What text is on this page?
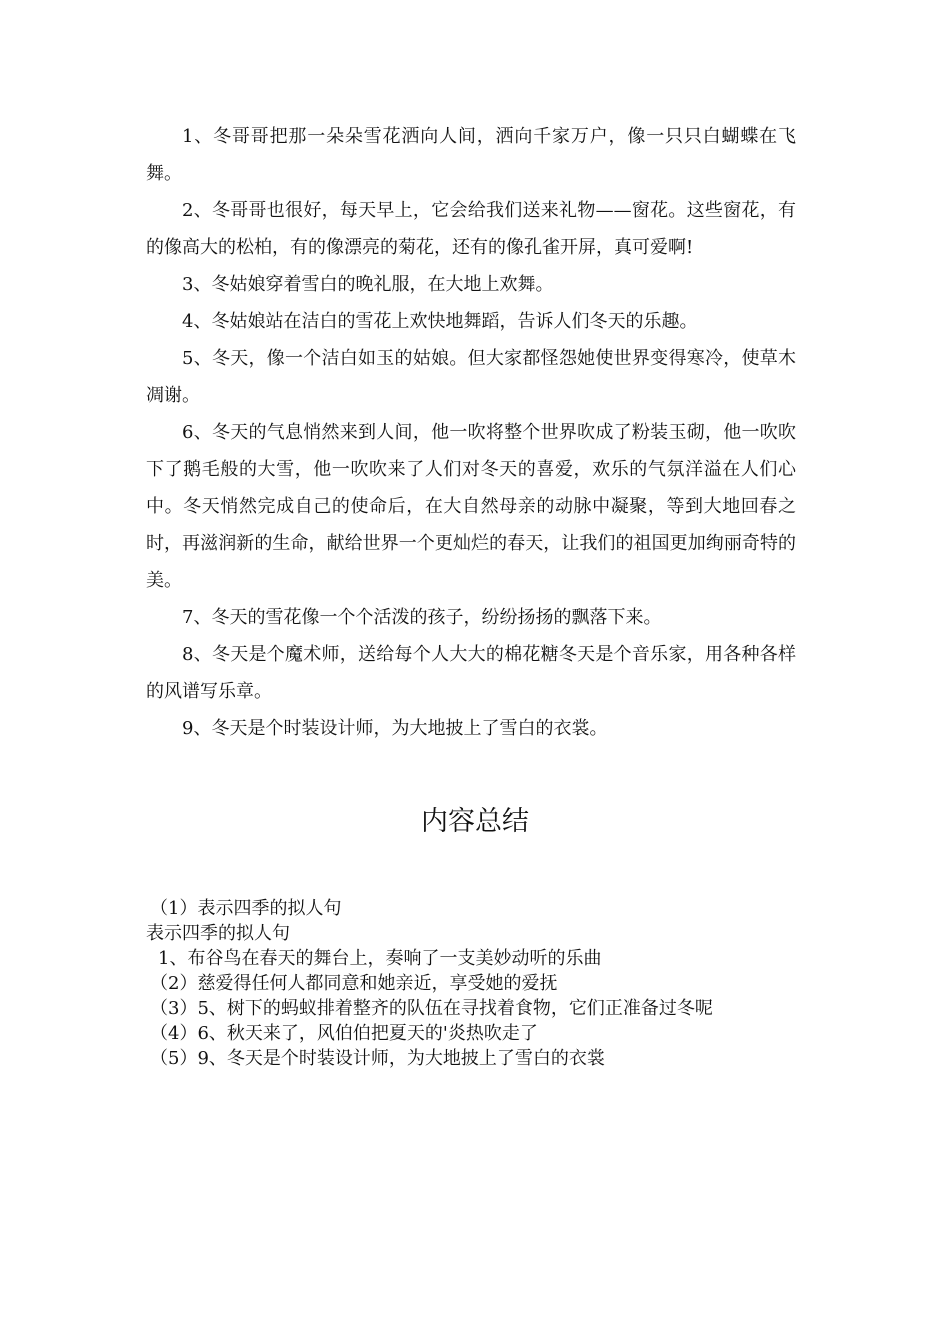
1、冬哥哥把那一朵朵雪花洒向人间，洒向千家万户，像一只只白蝴蝶在飞舞。

2、冬哥哥也很好，每天早上，它会给我们送来礼物——窗花。这些窗花，有的像高大的松柏，有的像漂亮的菊花，还有的像孔雀开屏，真可爱啊!

3、冬姑娘穿着雪白的晚礼服，在大地上欢舞。

4、冬姑娘站在洁白的雪花上欢快地舞蹈，告诉人们冬天的乐趣。

5、冬天，像一个洁白如玉的姑娘。但大家都怪怨她使世界变得寒冷，使草木凋谢。

6、冬天的气息悄然来到人间，他一吹将整个世界吹成了粉装玉砌，他一吹吹下了鹅毛般的大雪，他一吹吹来了人们对冬天的喜爱，欢乐的气氛洋溢在人们心中。冬天悄然完成自己的使命后，在大自然母亲的动脉中凝聚，等到大地回春之时，再滋润新的生命，献给世界一个更灿烂的春天，让我们的祖国更加绚丽奇特的美。

7、冬天的雪花像一个个活泼的孩子，纷纷扬扬的飘落下来。

8、冬天是个魔术师，送给每个人大大的棉花糖冬天是个音乐家，用各种各样的风谱写乐章。

9、冬天是个时装设计师，为大地披上了雪白的衣裳。

内容总结

（1）表示四季的拟人句

表示四季的拟人句

1、布谷鸟在春天的舞台上，奏响了一支美妙动听的乐曲

（2）慈爱得任何人都同意和她亲近，享受她的爱抚

（3）5、树下的蚂蚁排着整齐的队伍在寻找着食物，它们正准备过冬呢

（4）6、秋天来了，风伯伯把夏天的'炎热吹走了

（5）9、冬天是个时装设计师，为大地披上了雪白的衣裳
